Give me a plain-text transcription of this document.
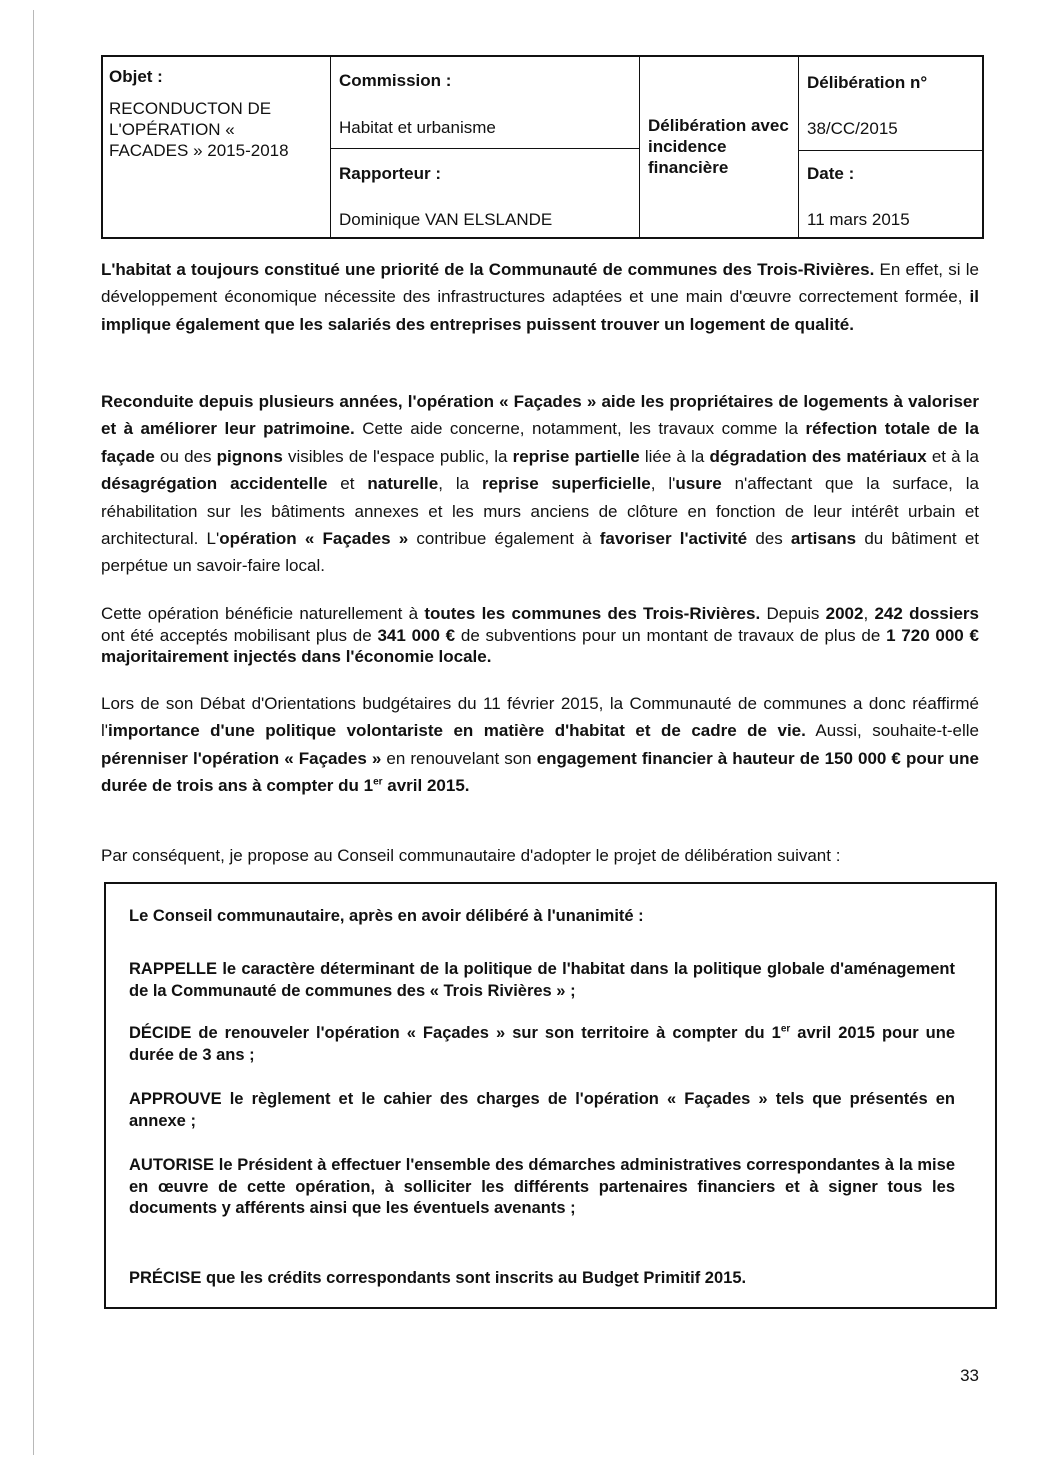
Objet :
RECONDUCTON DE L'OPÉRATION « FACADES » 2015-2018
Commission :
Habitat et urbanisme
Rapporteur :
Dominique VAN ELSLANDE
Délibération avec incidence financière
Délibération n°
38/CC/2015
Date :
11 mars 2015

L'habitat a toujours constitué une priorité de la Communauté de communes des Trois-Rivières. En effet, si le développement économique nécessite des infrastructures adaptées et une main d'œuvre correctement formée, il implique également que les salariés des entreprises puissent trouver un logement de qualité.

Reconduite depuis plusieurs années, l'opération « Façades » aide les propriétaires de logements à valoriser et à améliorer leur patrimoine. Cette aide concerne, notamment, les travaux comme la réfection totale de la façade ou des pignons visibles de l'espace public, la reprise partielle liée à la dégradation des matériaux et à la désagrégation accidentelle et naturelle, la reprise superficielle, l'usure n'affectant que la surface, la réhabilitation sur les bâtiments annexes et les murs anciens de clôture en fonction de leur intérêt urbain et architectural. L'opération « Façades » contribue également à favoriser l'activité des artisans du bâtiment et perpétue un savoir-faire local.

Cette opération bénéficie naturellement à toutes les communes des Trois-Rivières. Depuis 2002, 242 dossiers ont été acceptés mobilisant plus de 341 000 € de subventions pour un montant de travaux de plus de 1 720 000 € majoritairement injectés dans l'économie locale.

Lors de son Débat d'Orientations budgétaires du 11 février 2015, la Communauté de communes a donc réaffirmé l'importance d'une politique volontariste en matière d'habitat et de cadre de vie. Aussi, souhaite-t-elle pérenniser l'opération « Façades » en renouvelant son engagement financier à hauteur de 150 000 € pour une durée de trois ans à compter du 1er avril 2015.

Par conséquent, je propose au Conseil communautaire d'adopter le projet de délibération suivant :

Le Conseil communautaire, après en avoir délibéré à l'unanimité :

RAPPELLE le caractère déterminant de la politique de l'habitat dans la politique globale d'aménagement de la Communauté de communes des « Trois Rivières » ;

DÉCIDE de renouveler l'opération « Façades » sur son territoire à compter du 1er avril 2015 pour une durée de 3 ans ;

APPROUVE le règlement et le cahier des charges de l'opération « Façades » tels que présentés en annexe ;

AUTORISE le Président à effectuer l'ensemble des démarches administratives correspondantes à la mise en œuvre de cette opération, à solliciter les différents partenaires financiers et à signer tous les documents y afférents ainsi que les éventuels avenants ;

PRÉCISE que les crédits correspondants sont inscrits au Budget Primitif 2015.

33
